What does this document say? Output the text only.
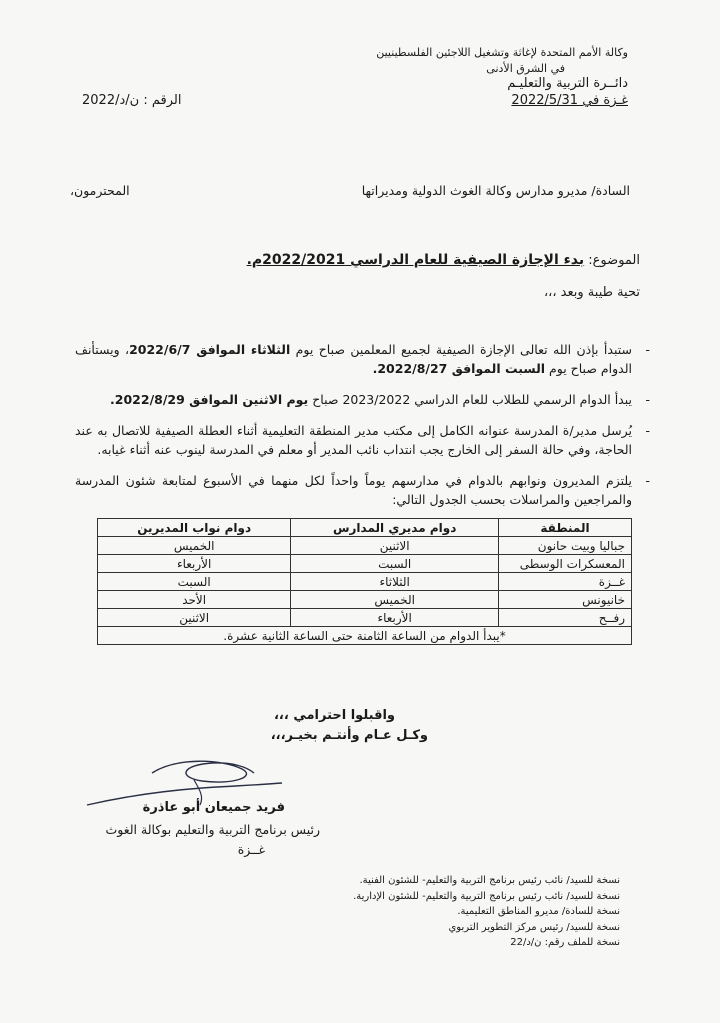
وكالة الأمم المتحدة لإغاثة وتشغيل اللاجئين الفلسطينيين
في الشرق الأدنى
دائــرة التربية والتعليـم
غـزة في 2022/5/31
الرقم : ن/د/2022
السادة/ مديرو مدارس وكالة الغوث الدولية ومديراتها
المحترمون،
الموضوع: بدء الإجازة الصيفية للعام الدراسي 2022/2021م.
تحية طيبة وبعد ،،،
-
ستبدأ بإذن الله تعالى الإجازة الصيفية لجميع المعلمين صباح يوم الثلاثاء الموافق 2022/6/7، ويستأنف الدوام صباح يوم السبت الموافق 2022/8/27.
-
يبدأ الدوام الرسمي للطلاب للعام الدراسي 2023/2022 صباح يوم الاثنين الموافق 2022/8/29.
-
يُرسل مدير/ة المدرسة عنوانه الكامل إلى مكتب مدير المنطقة التعليمية أثناء العطلة الصيفية للاتصال به عند الحاجة، وفي حالة السفر إلى الخارج يجب انتداب نائب المدير أو معلم في المدرسة لينوب عنه أثناء غيابه.
-
يلتزم المديرون ونوابهم بالدوام في مدارسهم يوماً واحداً لكل منهما في الأسبوع لمتابعة شئون المدرسة والمراجعين والمراسلات بحسب الجدول التالي:
المنطقة	دوام مديري المدارس	دوام نواب المديرين
جباليا وبيت حانون	الاثنين	الخميس
المعسكرات الوسطى	السبت	الأربعاء
غــزة	الثلاثاء	السبت
خانيونس	الخميس	الأحد
رفــح	الأربعاء	الاثنين
*يبدأ الدوام من الساعة الثامنة حتى الساعة الثانية عشرة.		
واقبلوا احترامي ،،،
وكـل عـام وأنتـم بخيـر،،،
فريد جميعان أبو عاذرة
رئيس برنامج التربية والتعليم بوكالة الغوث
غــزة
نسخة للسيد/ نائب رئيس برنامج التربية والتعليم- للشئون الفنية.
نسخة للسيد/ نائب رئيس برنامج التربية والتعليم- للشئون الإدارية.
نسخة للسادة/ مديرو المناطق التعليمية.
نسخة للسيد/ رئيس مركز التطوير التربوي
نسخة للملف رقم: ن/د/22
